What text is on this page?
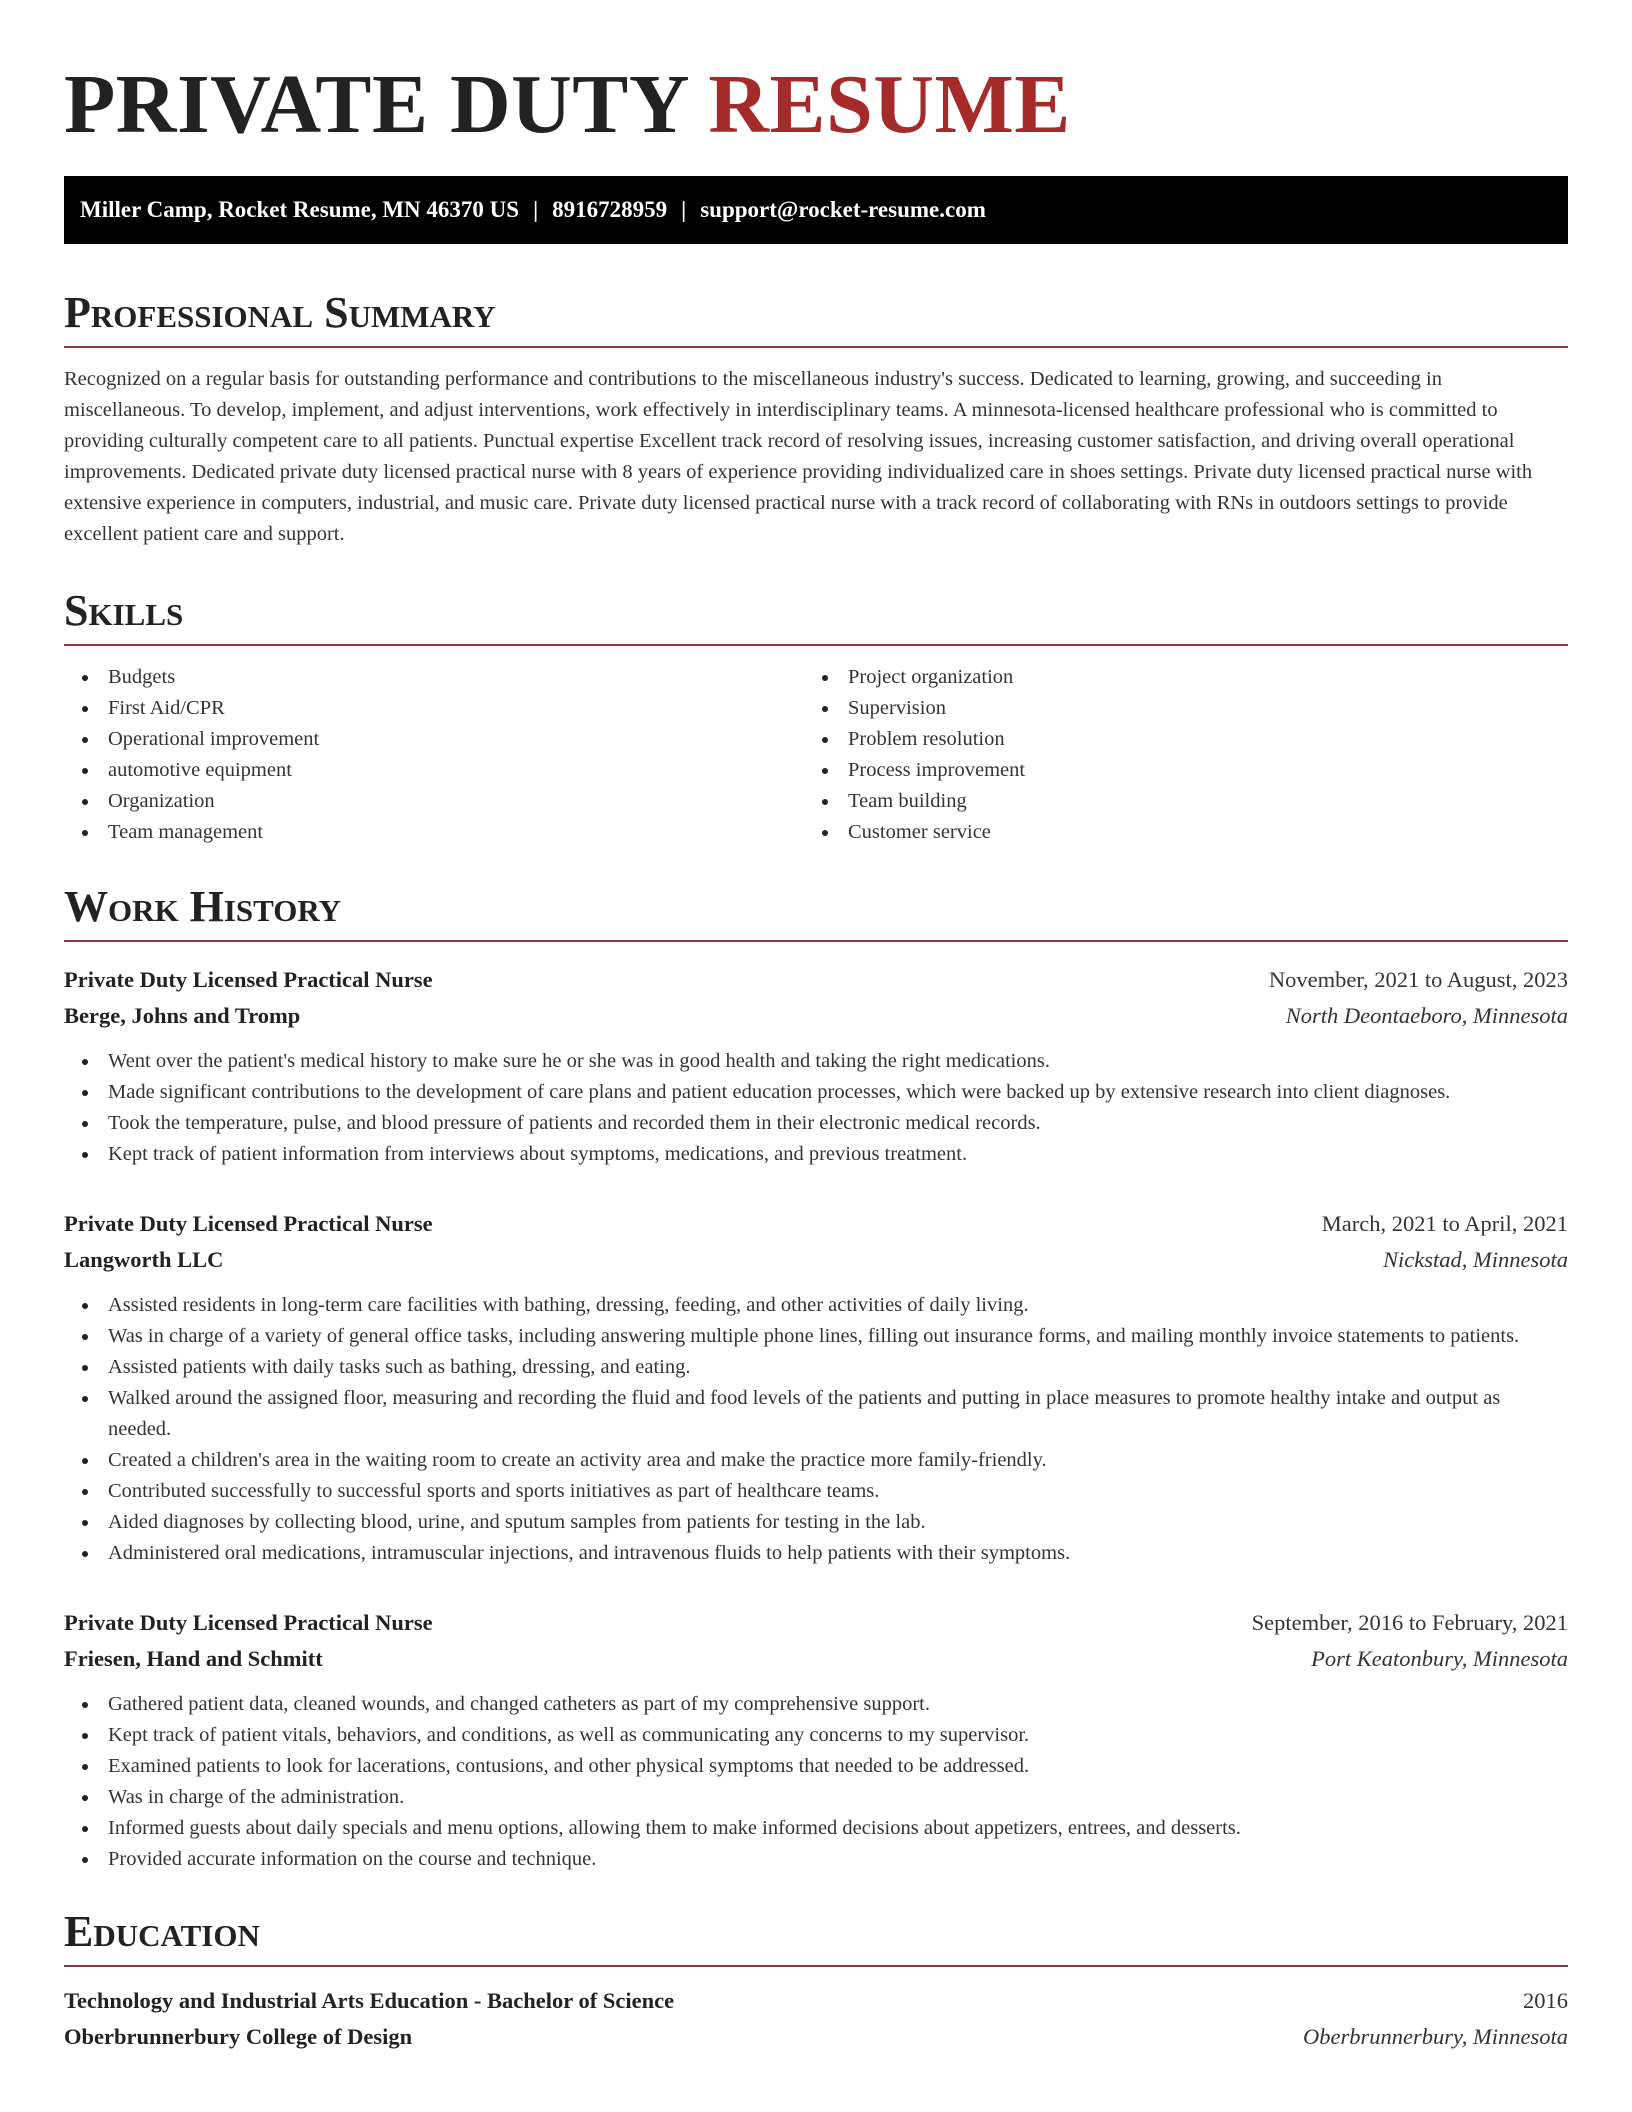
PRIVATE DUTY RESUME
Miller Camp, Rocket Resume, MN 46370 US | 8916728959 | support@rocket-resume.com
Professional Summary

Recognized on a regular basis for outstanding performance and contributions to the miscellaneous industry's success. Dedicated to learning, growing, and succeeding in miscellaneous. To develop, implement, and adjust interventions, work effectively in interdisciplinary teams. A minnesota-licensed healthcare professional who is committed to providing culturally competent care to all patients. Punctual expertise Excellent track record of resolving issues, increasing customer satisfaction, and driving overall operational improvements. Dedicated private duty licensed practical nurse with 8 years of experience providing individualized care in shoes settings. Private duty licensed practical nurse with extensive experience in computers, industrial, and music care. Private duty licensed practical nurse with a track record of collaborating with RNs in outdoors settings to provide excellent patient care and support.

Skills
Budgets
First Aid/CPR
Operational improvement
automotive equipment
Organization
Team management
Project organization
Supervision
Problem resolution
Process improvement
Team building
Customer service
Work History
Private Duty Licensed Practical Nurse	November, 2021 to August, 2023
Berge, Johns and Tromp	North Deontaeboro, Minnesota
Went over the patient's medical history to make sure he or she was in good health and taking the right medications.
Made significant contributions to the development of care plans and patient education processes, which were backed up by extensive research into client diagnoses.
Took the temperature, pulse, and blood pressure of patients and recorded them in their electronic medical records.
Kept track of patient information from interviews about symptoms, medications, and previous treatment.
Private Duty Licensed Practical Nurse	March, 2021 to April, 2021
Langworth LLC	Nickstad, Minnesota
Assisted residents in long-term care facilities with bathing, dressing, feeding, and other activities of daily living.
Was in charge of a variety of general office tasks, including answering multiple phone lines, filling out insurance forms, and mailing monthly invoice statements to patients.
Assisted patients with daily tasks such as bathing, dressing, and eating.
Walked around the assigned floor, measuring and recording the fluid and food levels of the patients and putting in place measures to promote healthy intake and output as needed.
Created a children's area in the waiting room to create an activity area and make the practice more family-friendly.
Contributed successfully to successful sports and sports initiatives as part of healthcare teams.
Aided diagnoses by collecting blood, urine, and sputum samples from patients for testing in the lab.
Administered oral medications, intramuscular injections, and intravenous fluids to help patients with their symptoms.
Private Duty Licensed Practical Nurse	September, 2016 to February, 2021
Friesen, Hand and Schmitt	Port Keatonbury, Minnesota
Gathered patient data, cleaned wounds, and changed catheters as part of my comprehensive support.
Kept track of patient vitals, behaviors, and conditions, as well as communicating any concerns to my supervisor.
Examined patients to look for lacerations, contusions, and other physical symptoms that needed to be addressed.
Was in charge of the administration.
Informed guests about daily specials and menu options, allowing them to make informed decisions about appetizers, entrees, and desserts.
Provided accurate information on the course and technique.
Education
Technology and Industrial Arts Education - Bachelor of Science	2016
Oberbrunnerbury College of Design	Oberbrunnerbury, Minnesota
